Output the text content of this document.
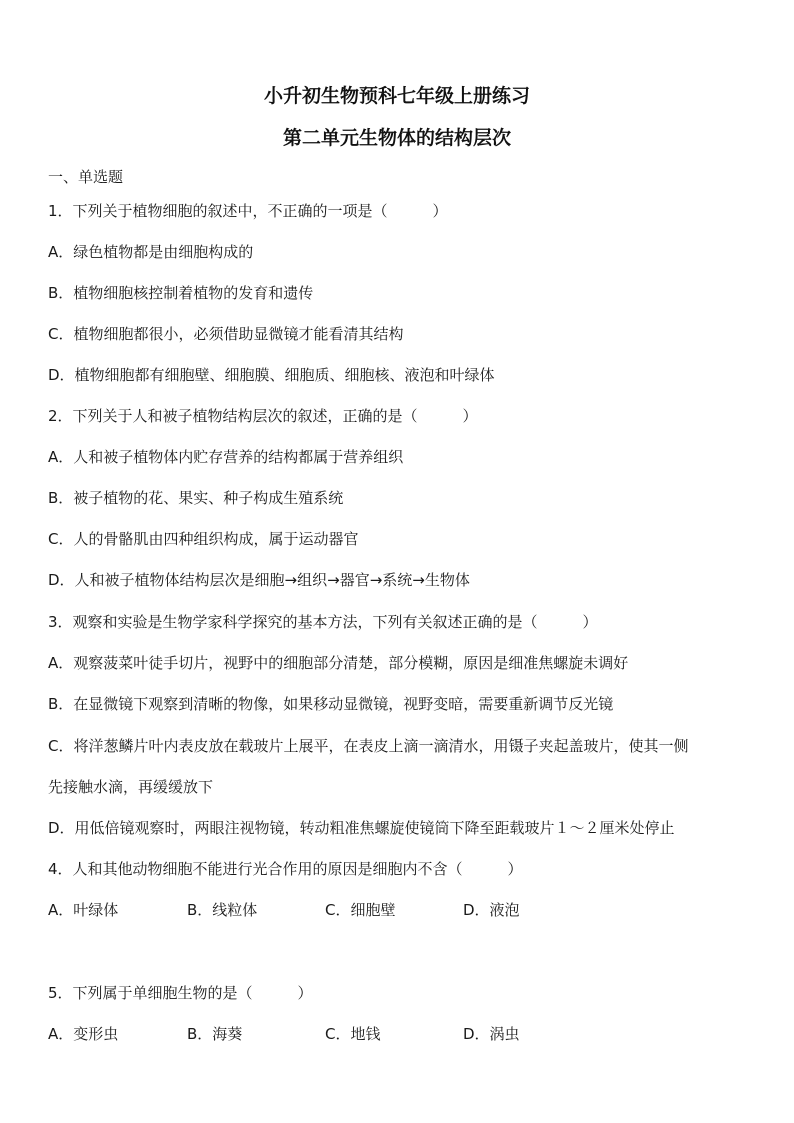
小升初生物预科七年级上册练习
第二单元生物体的结构层次
一、单选题
1．下列关于植物细胞的叙述中，不正确的一项是（　　　）
A．绿色植物都是由细胞构成的
B．植物细胞核控制着植物的发育和遗传
C．植物细胞都很小，必须借助显微镜才能看清其结构
D．植物细胞都有细胞壁、细胞膜、细胞质、细胞核、液泡和叶绿体
2．下列关于人和被子植物结构层次的叙述，正确的是（　　　）
A．人和被子植物体内贮存营养的结构都属于营养组织
B．被子植物的花、果实、种子构成生殖系统
C．人的骨骼肌由四种组织构成，属于运动器官
D．人和被子植物体结构层次是细胞→组织→器官→系统→生物体
3．观察和实验是生物学家科学探究的基本方法，下列有关叙述正确的是（　　　）
A．观察菠菜叶徒手切片，视野中的细胞部分清楚，部分模糊，原因是细准焦螺旋未调好
B．在显微镜下观察到清晰的物像，如果移动显微镜，视野变暗，需要重新调节反光镜
C．将洋葱鳞片叶内表皮放在载玻片上展平，在表皮上滴一滴清水，用镊子夹起盖玻片，使其一侧
先接触水滴，再缓缓放下
D．用低倍镜观察时，两眼注视物镜，转动粗准焦螺旋使镜筒下降至距载玻片１～２厘米处停止
4．人和其他动物细胞不能进行光合作用的原因是细胞内不含（　　　）
A．叶绿体	B．线粒体	C．细胞壁	D．液泡
5．下列属于单细胞生物的是（　　　）
A．变形虫	B．海葵	C．地钱	D．涡虫
